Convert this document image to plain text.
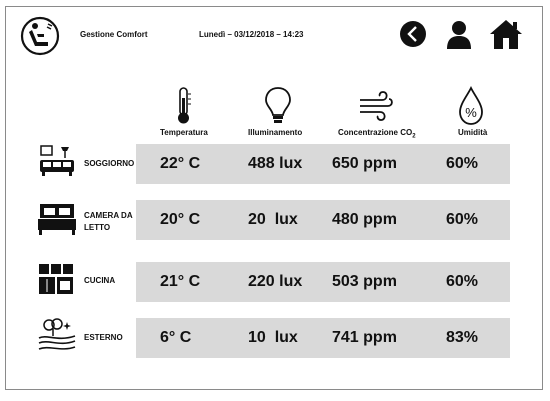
Gestione Comfort	Lunedì – 03/12/2018 – 14:23
%
Temperatura	Illuminamento	Concentrazione $CO_2$	Umidità
SOGGIORNO 22° C	488 lux 650 ppm	60%
CAMERA DA
LETTO	20° C	20  lux 480 ppm	60%
CUCINA	21° C	220 lux 503 ppm	60%
ESTERNO 6° C	10  lux 741 ppm	83%
